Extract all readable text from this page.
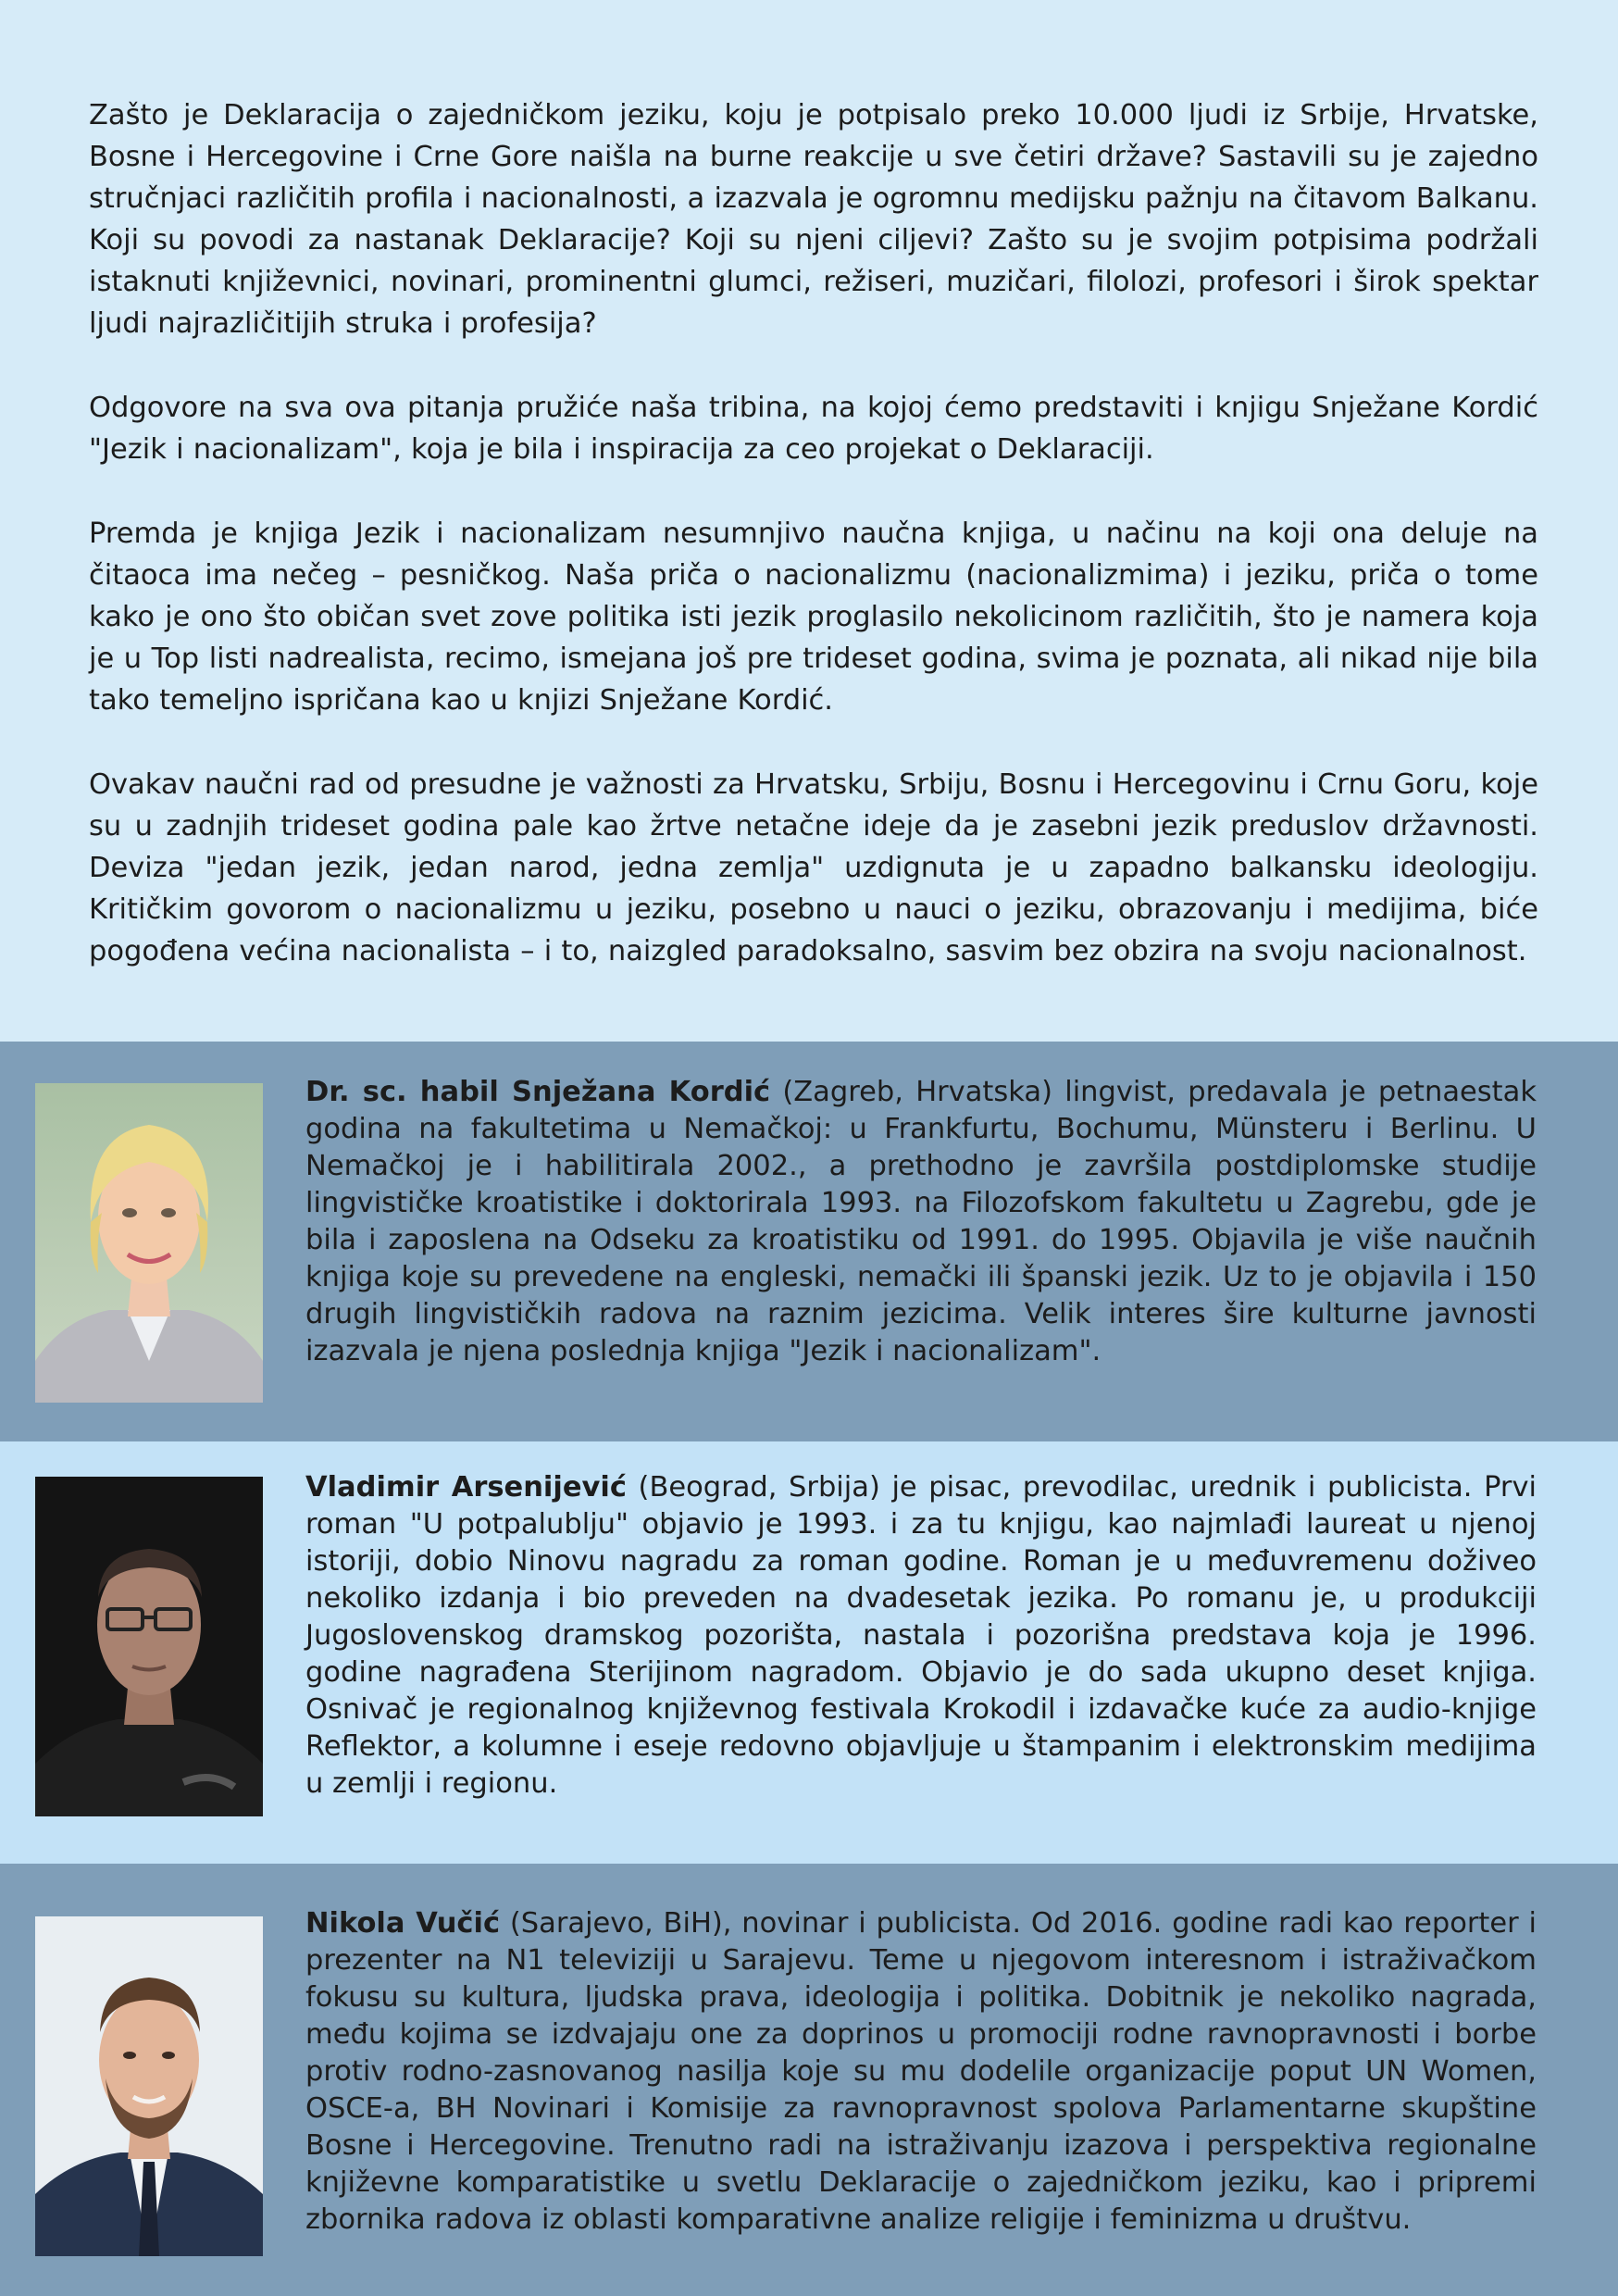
Zašto je Deklaracija o zajedničkom jeziku, koju je potpisalo preko 10.000 ljudi iz Srbije, Hrvatske, Bosne i Hercegovine i Crne Gore naišla na burne reakcije u sve četiri države? Sastavili su je zajedno stručnjaci različitih profila i nacionalnosti, a izazvala je ogromnu medijsku pažnju na čitavom Balkanu. Koji su povodi za nastanak Deklaracije? Koji su njeni ciljevi? Zašto su je svojim potpisima podržali istaknuti književnici, novinari, prominentni glumci, režiseri, muzičari, filolozi, profesori i širok spektar ljudi najrazličitijih struka i profesija?

Odgovore na sva ova pitanja pružiće naša tribina, na kojoj ćemo predstaviti i knjigu Snježane Kordić "Jezik i nacionalizam", koja je bila i inspiracija za ceo projekat o Deklaraciji.

Premda je knjiga Jezik i nacionalizam nesumnjivo naučna knjiga, u načinu na koji ona deluje na čitaoca ima nečeg – pesničkog. Naša priča o nacionalizmu (nacionalizmima) i jeziku, priča o tome kako je ono što običan svet zove politika isti jezik proglasilo nekolicinom različitih, što je namera koja je u Top listi nadrealista, recimo, ismejana još pre trideset godina, svima je poznata, ali nikad nije bila tako temeljno ispričana kao u knjizi Snježane Kordić.

Ovakav naučni rad od presudne je važnosti za Hrvatsku, Srbiju, Bosnu i Hercegovinu i Crnu Goru, koje su u zadnjih trideset godina pale kao žrtve netačne ideje da je zasebni jezik preduslov državnosti. Deviza "jedan jezik, jedan narod, jedna zemlja" uzdignuta je u zapadno balkansku ideologiju. Kritičkim govorom o nacionalizmu u jeziku, posebno u nauci o jeziku, obrazovanju i medijima, biće pogođena većina nacionalista – i to, naizgled paradoksalno, sasvim bez obzira na svoju nacionalnost.

Dr. sc. habil Snježana Kordić (Zagreb, Hrvatska) lingvist, predavala je petnaestak godina na fakultetima u Nemačkoj: u Frankfurtu, Bochumu, Münsteru i Berlinu. U Nemačkoj je i habilitirala 2002., a prethodno je završila postdiplomske studije lingvističke kroatistike i doktorirala 1993. na Filozofskom fakultetu u Zagrebu, gde je bila i zaposlena na Odseku za kroatistiku od 1991. do 1995. Objavila je više naučnih knjiga koje su prevedene na engleski, nemački ili španski jezik. Uz to je objavila i 150 drugih lingvističkih radova na raznim jezicima. Velik interes šire kulturne javnosti izazvala je njena poslednja knjiga "Jezik i nacionalizam".

Vladimir Arsenijević (Beograd, Srbija) je pisac, prevodilac, urednik i publicista. Prvi roman "U potpalublju" objavio je 1993. i za tu knjigu, kao najmlađi laureat u njenoj istoriji, dobio Ninovu nagradu za roman godine. Roman je u međuvremenu doživeo nekoliko izdanja i bio preveden na dvadesetak jezika. Po romanu je, u produkciji Jugoslovenskog dramskog pozorišta, nastala i pozorišna predstava koja je 1996. godine nagrađena Sterijinom nagradom. Objavio je do sada ukupno deset knjiga. Osnivač je regionalnog književnog festivala Krokodil i izdavačke kuće za audio-knjige Reflektor, a kolumne i eseje redovno objavljuje u štampanim i elektronskim medijima u zemlji i regionu.

Nikola Vučić (Sarajevo, BiH), novinar i publicista. Od 2016. godine radi kao reporter i prezenter na N1 televiziji u Sarajevu. Teme u njegovom interesnom i istraživačkom fokusu su kultura, ljudska prava, ideologija i politika. Dobitnik je nekoliko nagrada, među kojima se izdvajaju one za doprinos u promociji rodne ravnopravnosti i borbe protiv rodno-zasnovanog nasilja koje su mu dodelile organizacije poput UN Women, OSCE-a, BH Novinari i Komisije za ravnopravnost spolova Parlamentarne skupštine Bosne i Hercegovine. Trenutno radi na istraživanju izazova i perspektiva regionalne književne komparatistike u svetlu Deklaracije o zajedničkom jeziku, kao i pripremi zbornika radova iz oblasti komparativne analize religije i feminizma u društvu.
